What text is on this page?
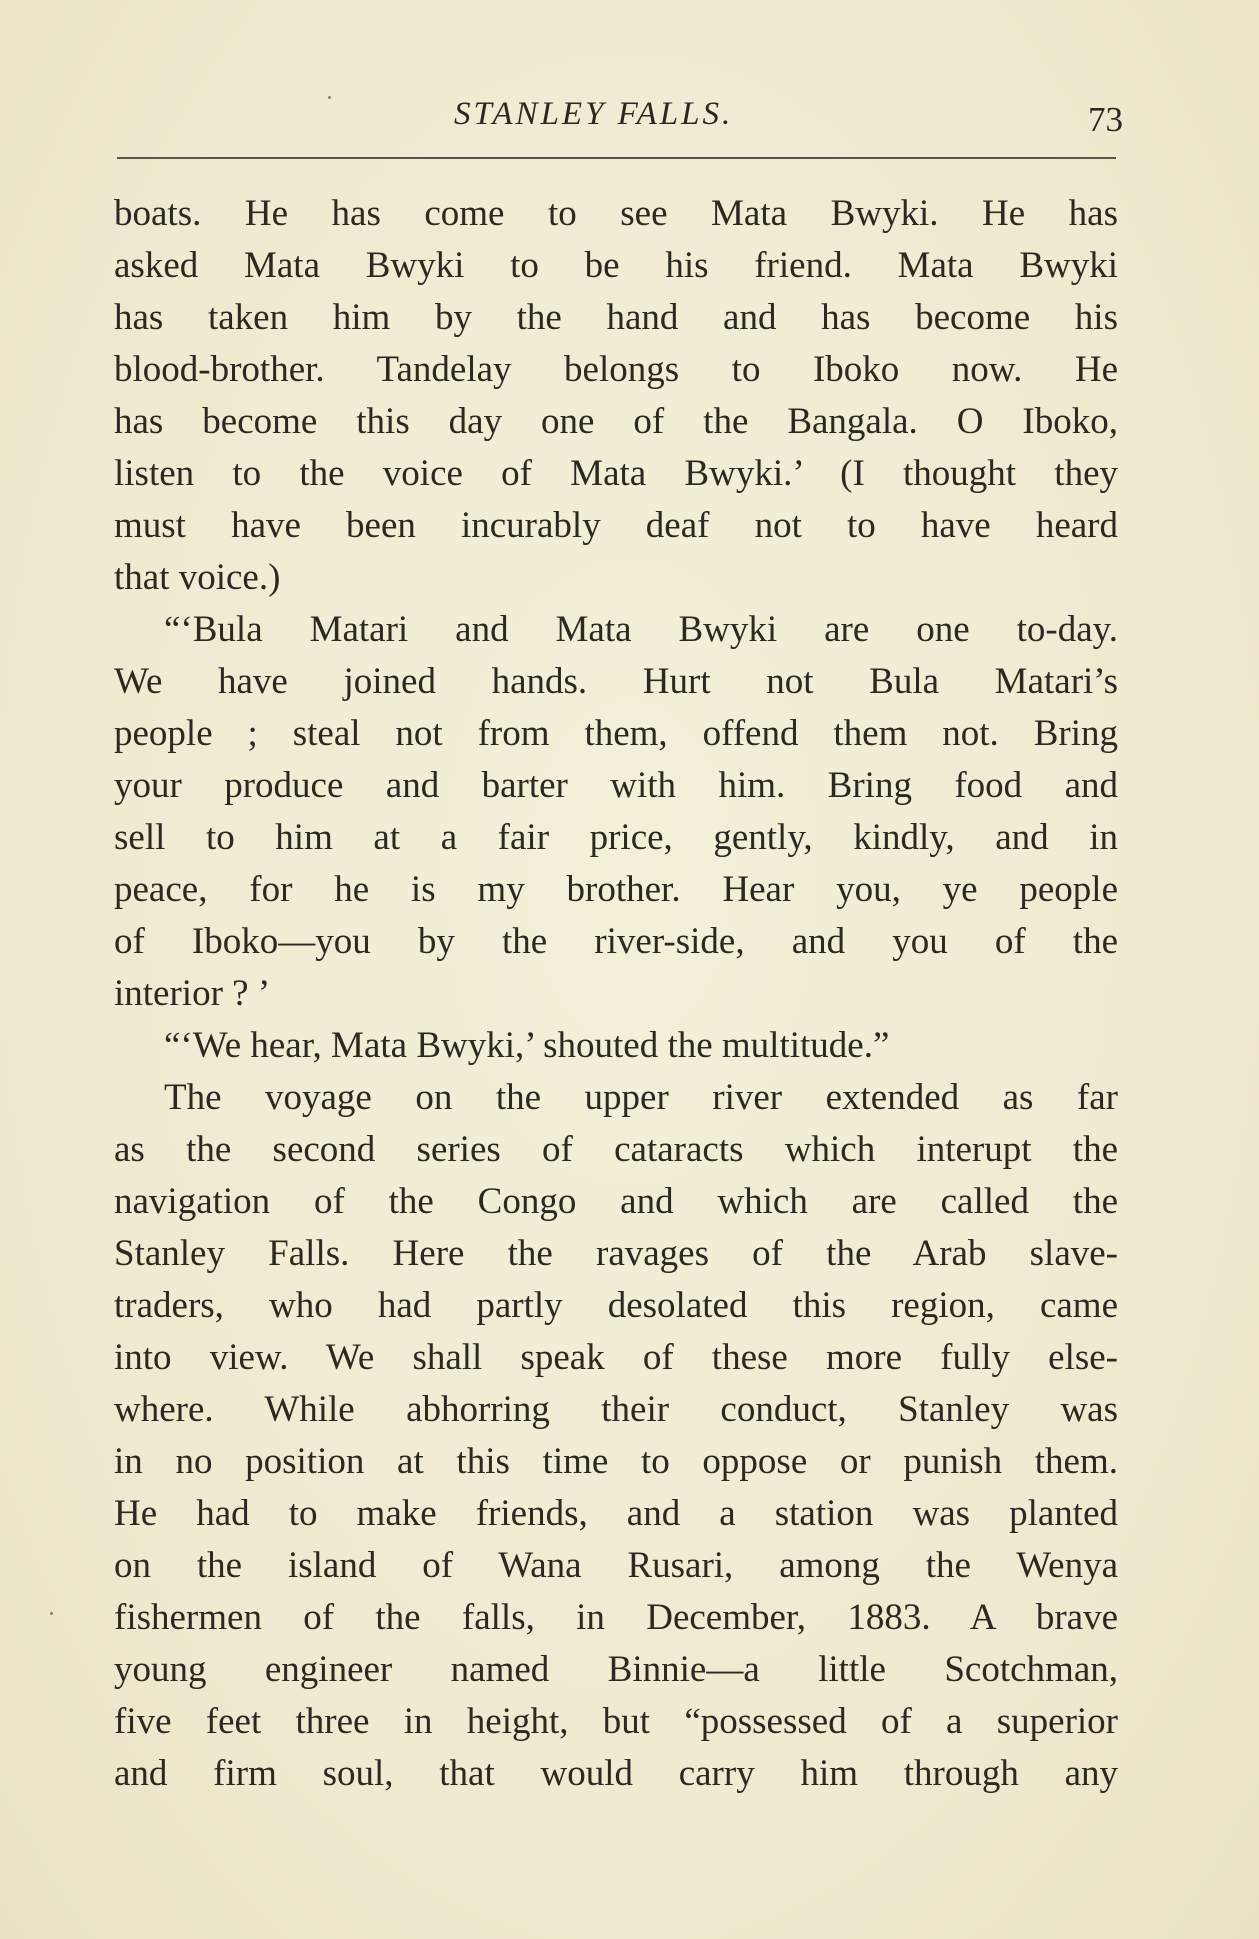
STANLEY FALLS.	73
boats. He has come to see Mata Bwyki. He has
asked Mata Bwyki to be his friend. Mata Bwyki
has taken him by the hand and has become his
blood-brother. Tandelay belongs to Iboko now. He
has become this day one of the Bangala. O Iboko,
listen to the voice of Mata Bwyki.’ (I thought they
must have been incurably deaf not to have heard
that voice.)
“‘Bula Matari and Mata Bwyki are one to-day.
We have joined hands. Hurt not Bula Matari’s
people ; steal not from them, offend them not. Bring
your produce and barter with him. Bring food and
sell to him at a fair price, gently, kindly, and in
peace, for he is my brother. Hear you, ye people
of Iboko—you by the river-side, and you of the
interior ? ’
“‘We hear, Mata Bwyki,’ shouted the multitude.”
The voyage on the upper river extended as far
as the second series of cataracts which interupt the
navigation of the Congo and which are called the
Stanley Falls. Here the ravages of the Arab slave-
traders, who had partly desolated this region, came
into view. We shall speak of these more fully else-
where. While abhorring their conduct, Stanley was
in no position at this time to oppose or punish them.
He had to make friends, and a station was planted
on the island of Wana Rusari, among the Wenya
fishermen of the falls, in December, 1883. A brave
young engineer named Binnie—a little Scotchman,
five feet three in height, but “possessed of a superior
and firm soul, that would carry him through any
